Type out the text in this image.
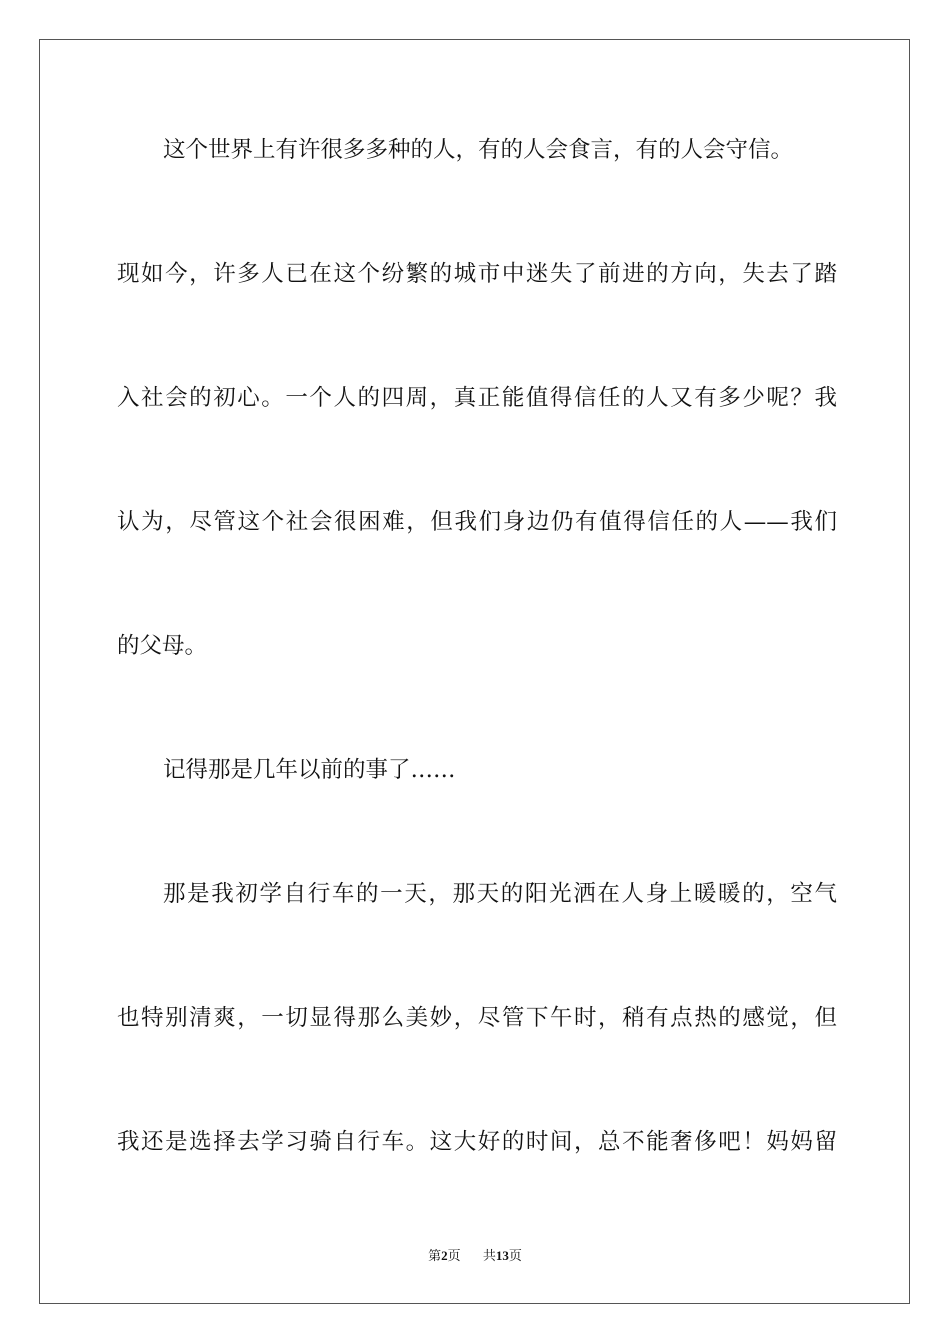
这个世界上有许很多多种的人，有的人会食言，有的人会守信。

现如今，许多人已在这个纷繁的城市中迷失了前进的方向，失去了踏

入社会的初心。一个人的四周，真正能值得信任的人又有多少呢？我

认为，尽管这个社会很困难，但我们身边仍有值得信任的人——我们

的父母。

记得那是几年以前的事了……

那是我初学自行车的一天，那天的阳光洒在人身上暖暖的，空气

也特别清爽，一切显得那么美妙，尽管下午时，稍有点热的感觉，但

我还是选择去学习骑自行车。这大好的时间，总不能奢侈吧！妈妈留

第2页 共13页
